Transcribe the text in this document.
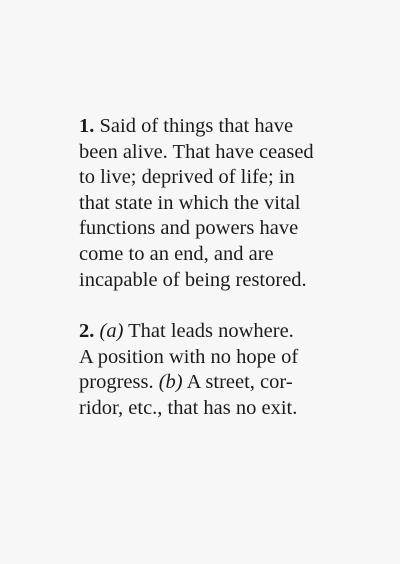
1. Said of things that have
been alive. That have ceased
to live; deprived of life; in
that state in which the vital
functions and powers have
come to an end, and are
incapable of being restored.
2. (a) That leads nowhere.
A position with no hope of
progress. (b) A street, cor-
ridor, etc., that has no exit.
